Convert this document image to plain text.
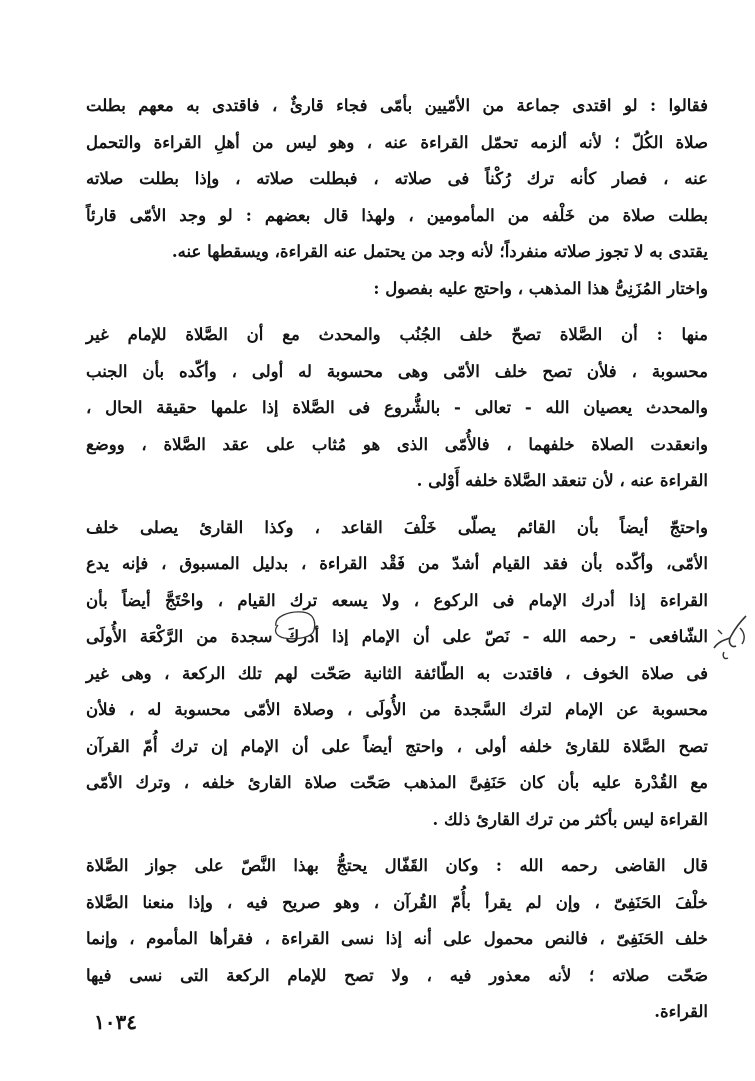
فقالوا : لو اقتدى جماعة من الأمّيين بأمّى فجاء قارئٌ ، فاقتدى به معهم بطلت
صلاة الكُلّ ؛ لأنه ألزمه تحمّل القراءة عنه ، وهو ليس من أهلِ القراءة والتحمل
عنه ، فصار كأنه ترك رُكْناً فى صلاته ، فبطلت صلاته ، وإذا بطلت صلاته
بطلت صلاة من خَلْفه من المأمومين ، ولهذا قال بعضهم : لو وجد الأمّى قارئاً
يقتدى به لا تجوز صلاته منفرداً؛ لأنه وجد من يحتمل عنه القراءة، ويسقطها عنه.
واختار المُزَنِىُّ هذا المذهب ، واحتج عليه بفصول :
منها : أن الصَّلاة تصحّ خلف الجُنُب والمحدث مع أن الصَّلاة للإمام غير
محسوبة ، فلأن تصح خلف الأمّى وهى محسوبة له أولى ، وأكّده بأن الجنب
والمحدث يعصيان الله - تعالى - بالشُّروع فى الصَّلاة إذا علمها حقيقة الحال ،
وانعقدت الصلاة خلفهما ، فالأُمّى الذى هو مُثاب على عقد الصَّلاة ، ووضع
القراءة عنه ، لأن تنعقد الصَّلاة خلفه أَوْلى .
واحتجّ أيضاً بأن القائم يصلّى خَلْفَ القاعد ، وكذا القارئ يصلى خلف
الأمّى، وأكّده بأن فقد القيام أشدّ من فَقْد القراءة ، بدليل المسبوق ، فإنه يدع
القراءة إذا أدرك الإمام فى الركوع ، ولا يسعه ترك القيام ، واحْتَجَّ أيضاً بأن
الشّافعى - رحمه الله - نَصّ على أن الإمام إذا أدركَ سجدة من الرَّكْعَة الأُولَى
فى صلاة الخوف ، فاقتدت به الطّائفة الثانية صَحّت لهم تلك الركعة ، وهى غير
محسوبة عن الإمام لترك السَّجدة من الأُولَى ، وصلاة الأمّى محسوبة له ، فلأن
تصح الصَّلاة للقارئ خلفه أولى ، واحتج أيضاً على أن الإمام إن ترك أُمّ القرآن
مع القُدْرة عليه بأن كان حَنَفِىَّ المذهب صَحّت صلاة القارئ خلفه ، وترك الأمّى
القراءة ليس بأكثر من ترك القارئ ذلك .
قال القاضى رحمه الله : وكان القَفّال يحتجُّ بهذا النَّصّ على جواز الصَّلاة
خلْفَ الحَنَفِىّ ، وإن لم يقرأ بأُمّ القُرآن ، وهو صريح فيه ، وإذا منعنا الصَّلاة
خلف الحَنَفِىّ ، فالنص محمول على أنه إذا نسى القراءة ، فقرأها المأموم ، وإنما
صَحّت صلاته ؛ لأنه معذور فيه ، ولا تصح للإمام الركعة التى نسى فيها
القراءة.
١٠٣٤
